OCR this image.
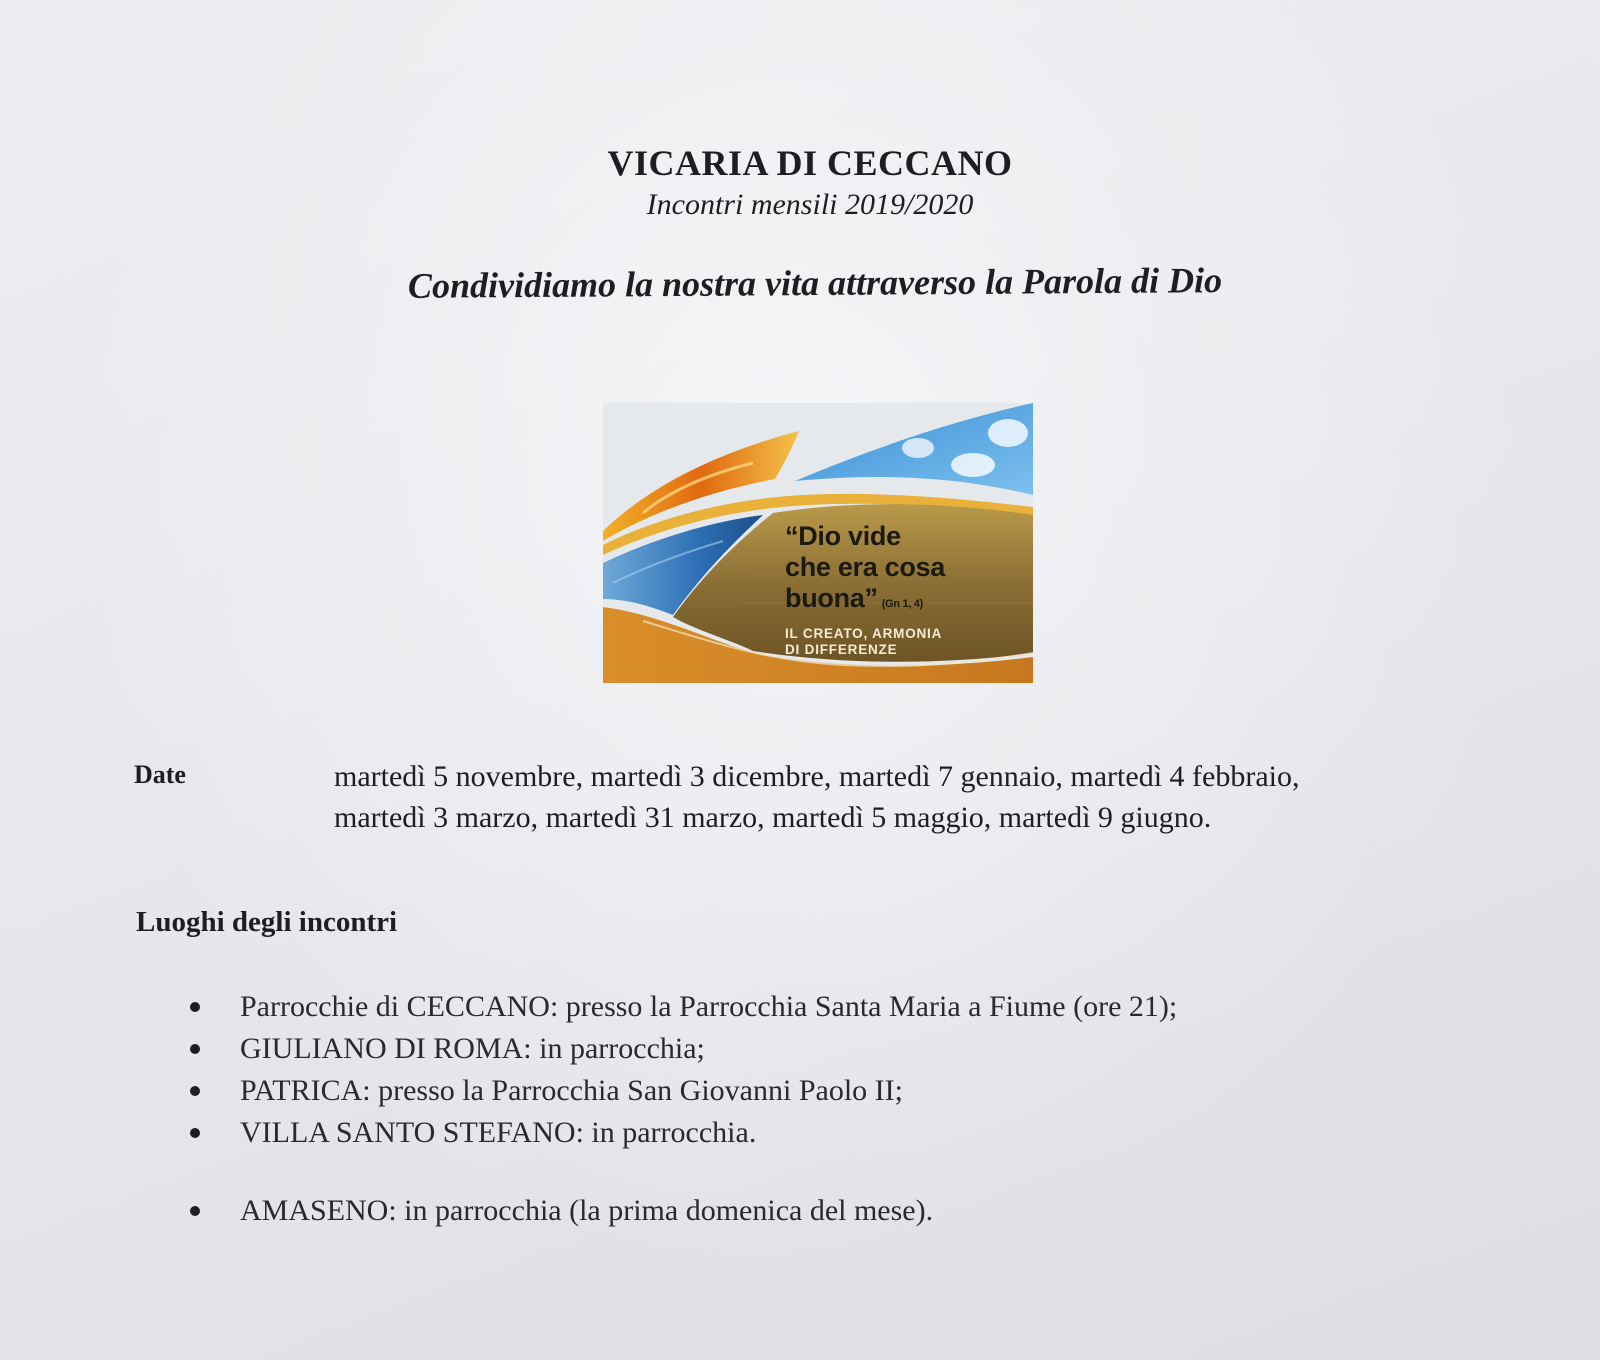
VICARIA DI CECCANO
Incontri mensili 2019/2020
Condividiamo la nostra vita attraverso la Parola di Dio
“Dio vide
che era cosa
buona” (Gn 1, 4)
IL CREATO, ARMONIA
DI DIFFERENZE
Date	martedì 5 novembre, martedì 3 dicembre, martedì 7 gennaio, martedì 4 febbraio,
martedì 3 marzo, martedì 31 marzo, martedì 5 maggio, martedì 9 giugno.
Luoghi degli incontri
Parrocchie di CECCANO: presso la Parrocchia Santa Maria a Fiume (ore 21);
GIULIANO DI ROMA: in parrocchia;
PATRICA: presso la Parrocchia San Giovanni Paolo II;
VILLA SANTO STEFANO: in parrocchia.
AMASENO: in parrocchia (la prima domenica del mese).
